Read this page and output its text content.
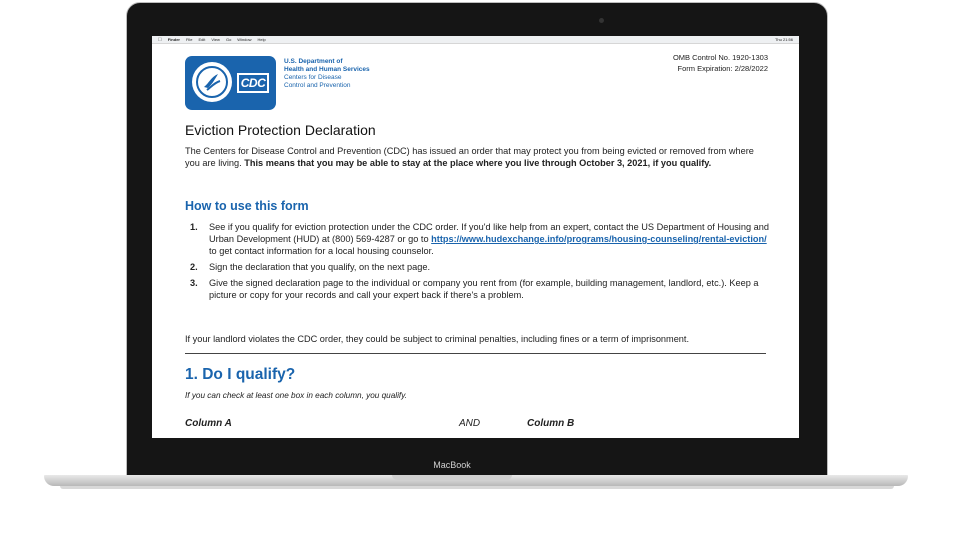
Finder File Edit View Go Window Help	Thu 21:56
CDC
U.S. Department of
Health and Human Services
Centers for Disease
Control and Prevention
OMB Control No. 1920-1303
Form Expiration: 2/28/2022
Eviction Protection Declaration

The Centers for Disease Control and Prevention (CDC) has issued an order that may protect you from being evicted or removed from where you are living. This means that you may be able to stay at the place where you live through October 3, 2021, if you qualify.

How to use this form
1.	See if you qualify for eviction protection under the CDC order. If you'd like help from an expert, contact the US Department of Housing and Urban Development (HUD) at (800) 569-4287 or go to https://www.hudexchange.info/programs/housing-counseling/rental-eviction/ to get contact information for a local housing counselor.
2.	Sign the declaration that you qualify, on the next page.
3.	Give the signed declaration page to the individual or company you rent from (for example, building management, landlord, etc.). Keep a picture or copy for your records and call your expert back if there's a problem.

If your landlord violates the CDC order, they could be subject to criminal penalties, including fines or a term of imprisonment.

1. Do I qualify?

If you can check at least one box in each column, you qualify.

Column A	AND	Column B
MacBook
